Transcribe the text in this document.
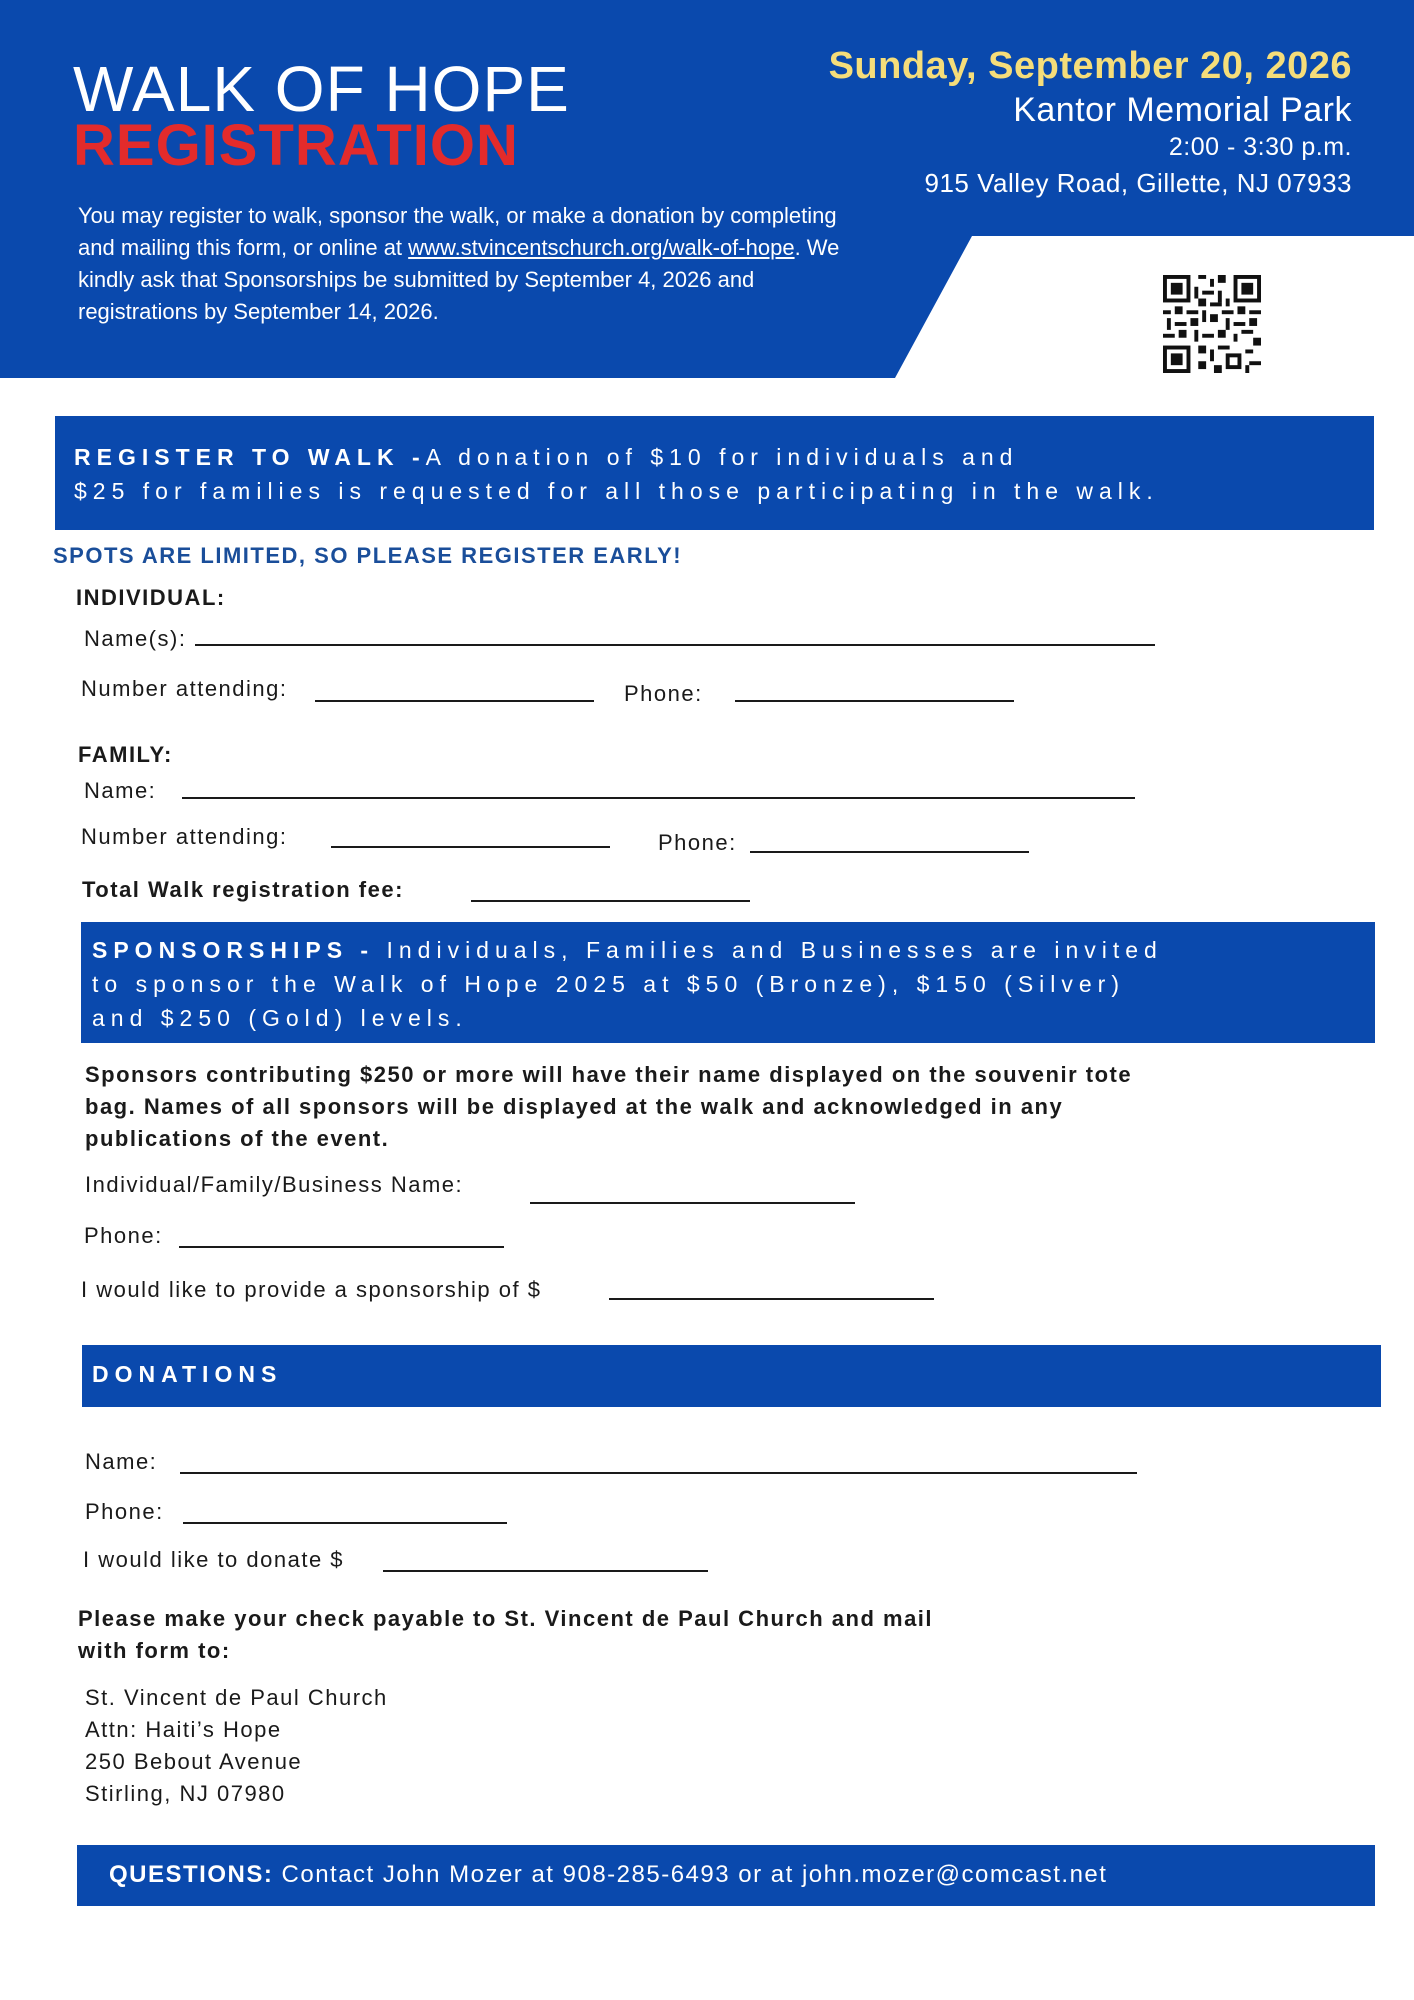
WALK OF HOPE
REGISTRATION
You may register to walk, sponsor the walk, or make a donation by completing and mailing this form, or online at www.stvincentschurch.org/walk-of-hope. We kindly ask that Sponsorships be submitted by September 4, 2026 and registrations by September 14, 2026.
Sunday, September 20, 2026
Kantor Memorial Park
2:00 - 3:30 p.m.
915 Valley Road, Gillette, NJ 07933
REGISTER TO WALK -A donation of $10 for individuals and
$25 for families is requested for all those participating in the walk.
SPOTS ARE LIMITED, SO PLEASE REGISTER EARLY!
INDIVIDUAL:
Name(s):
Number attending:	Phone:
FAMILY:
Name:
Number attending:	Phone:
Total Walk registration fee:
SPONSORSHIPS - Individuals, Families and Businesses are invited
to sponsor the Walk of Hope 2025 at $50 (Bronze), $150 (Silver)
and $250 (Gold) levels.
Sponsors contributing $250 or more will have their name displayed on the souvenir tote
bag. Names of all sponsors will be displayed at the walk and acknowledged in any
publications of the event.
Individual/Family/Business Name:
Phone:
I would like to provide a sponsorship of $
DONATIONS
Name:
Phone:
I would like to donate $
Please make your check payable to St. Vincent de Paul Church and mail
with form to:
St. Vincent de Paul Church
Attn: Haiti’s Hope
250 Bebout Avenue
Stirling, NJ 07980
QUESTIONS: Contact John Mozer at 908-285-6493 or at john.mozer@comcast.net
